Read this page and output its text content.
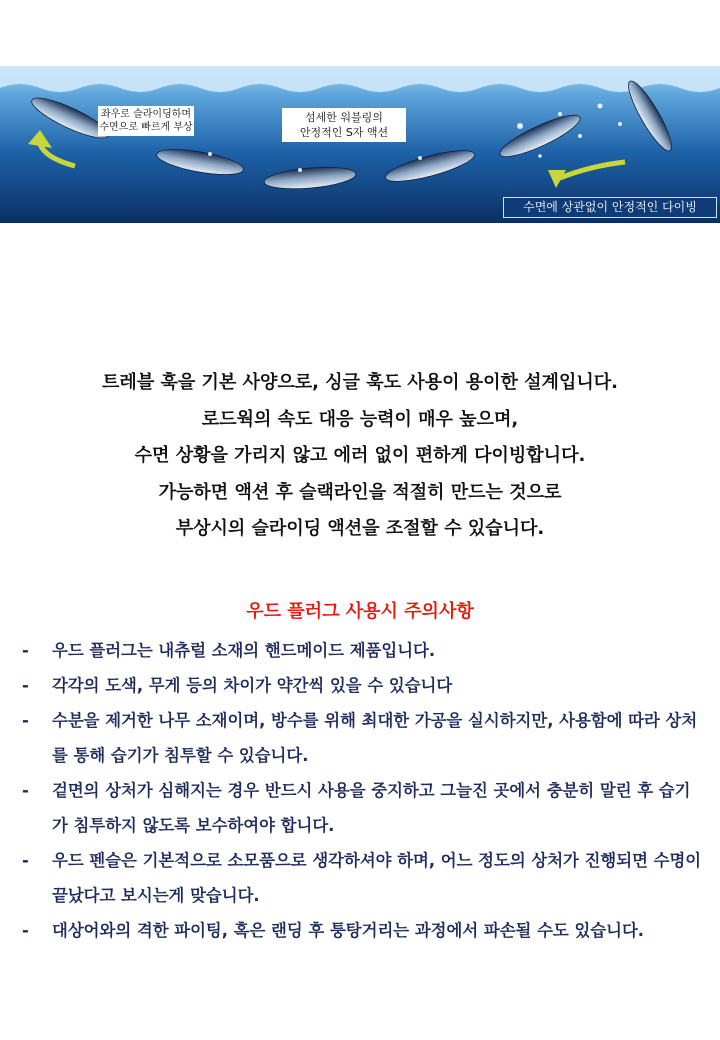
좌우로 슬라이딩하며
수면으로 빠르게 부상
섬세한 워블링의
안정적인 S자 액션
수면에 상관없이 안정적인 다이빙

트레블 훅을 기본 사양으로, 싱글 훅도 사용이 용이한 설계입니다.

로드웍의 속도 대응 능력이 매우 높으며,

수면 상황을 가리지 않고 에러 없이 편하게 다이빙합니다.

가능하면 액션 후 슬랙라인을 적절히 만드는 것으로

부상시의 슬라이딩 액션을 조절할 수 있습니다.

우드 플러그 사용시 주의사항
- 우드 플러그는 내츄럴 소재의 핸드메이드 제품입니다.
- 각각의 도색, 무게 등의 차이가 약간씩 있을 수 있습니다
- 수분을 제거한 나무 소재이며, 방수를 위해 최대한 가공을 실시하지만, 사용함에 따라 상처를 통해 습기가 침투할 수 있습니다.
- 겉면의 상처가 심해지는 경우 반드시 사용을 중지하고 그늘진 곳에서 충분히 말린 후 습기가 침투하지 않도록 보수하여야 합니다.
- 우드 펜슬은 기본적으로 소모품으로 생각하셔야 하며, 어느 정도의 상처가 진행되면 수명이 끝났다고 보시는게 맞습니다.
- 대상어와의 격한 파이팅, 혹은 랜딩 후 퉁탕거리는 과정에서 파손될 수도 있습니다.
